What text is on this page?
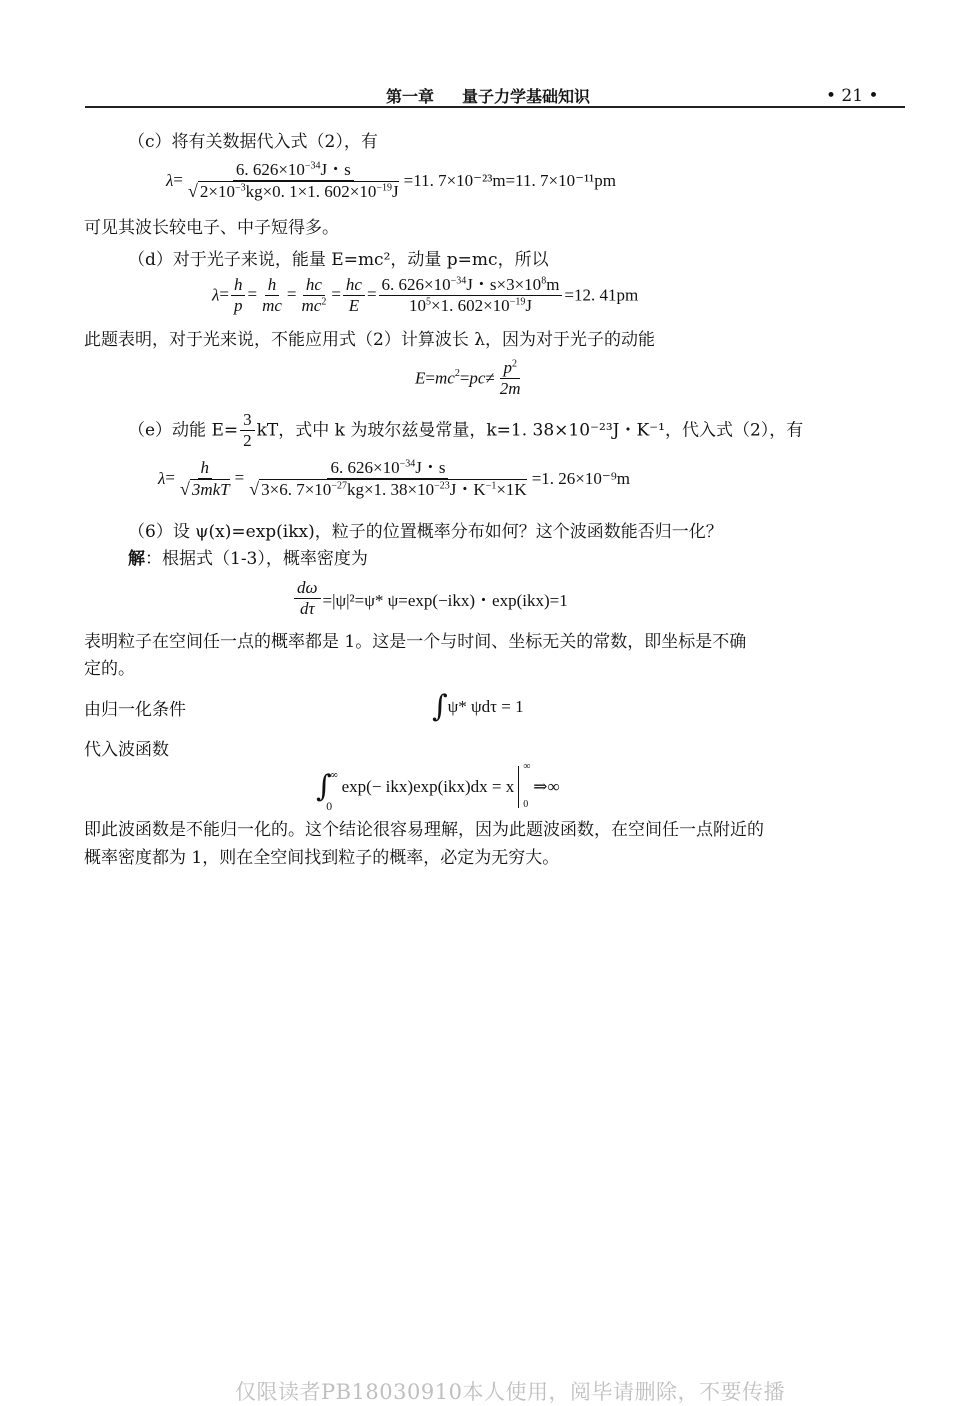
第一章 量子力学基础知识	• 21 •
（c）将有关数据代入式（2），有
$\lambda= \frac{6. 626\times 10^{-34}J・s}{√ 2\times 10^{-3}kg\times 0. 1\times 1. 602\times 10^{-19}J} =11$. 7×10⁻²³m=11. 7×10⁻¹¹pm
可见其波长较电子、中子短得多。
（d）对于光子来说，能量 E=mc²，动量 p=mc，所以
$\lambda= \frac{h}{p} = \frac{h}{mc} = \frac{hc}{mc^2} = \frac{hc}{E} = \frac{6. 626\times 10^{-34}J・s\times 3\times 10^8m}{10^5\times 1. 602\times 10^{-19}J} =12$. 41pm
此题表明，对于光来说，不能应用式（2）计算波长 λ，因为对于光子的动能
$E=mc^2=pc\ne \frac{p^2}{2m}$
（e）动能 $E= \frac{3}{2}$ kT，式中 k 为玻尔兹曼常量，k=1. 38×10⁻²³J・K⁻¹，代入式（2），有
$\lambda= \frac{h}{\text{√ 3mkT}} = \frac{6. 626\times 10^{-34}J・s}{√ 3\times 6. 7\times 10^{-27}kg\times 1. 38\times 10^{-23}J・K^{-1}\times 1K} =1$. 26×10⁻⁹m
（6）设 ψ(x)=exp(ikx)，粒子的位置概率分布如何？这个波函数能否归一化？
解：根据式（1-3），概率密度为
$\frac{d\omega}{d\tau} =|\psi|^2=\psi*$ ψ=exp(−ikx)・exp(ikx)=1
表明粒子在空间任一点的概率都是 1。这是一个与时间、坐标无关的常数，即坐标是不确
定的。
由归一化条件	∫ψ* ψdτ = 1
代入波函数
∫
∞
0
exp(− ikx)exp(ikx)dx = x
∞
0
⇒∞
即此波函数是不能归一化的。这个结论很容易理解，因为此题波函数，在空间任一点附近的
概率密度都为 1，则在全空间找到粒子的概率，必定为无穷大。
仅限读者PB18030910本人使用，阅毕请删除，不要传播
